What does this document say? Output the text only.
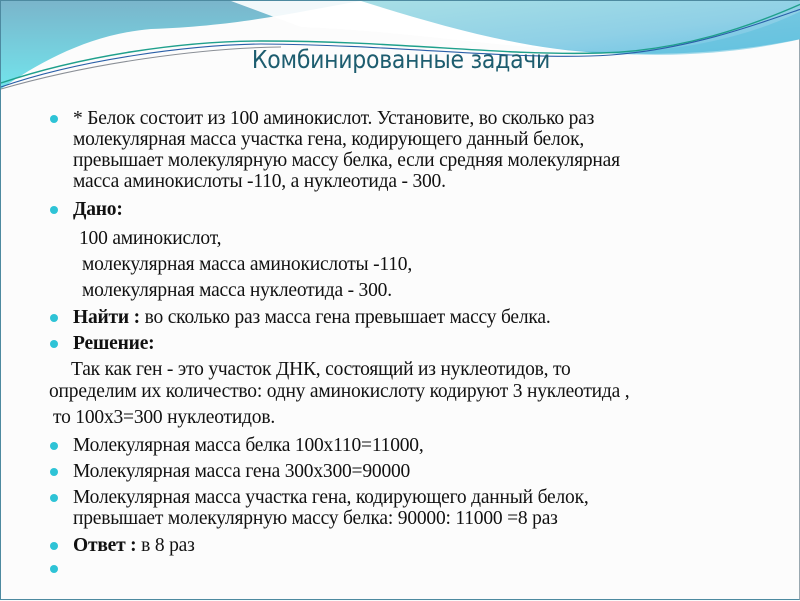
Комбинированные задачи
* Белок состоит из 100 аминокислот. Установите, во сколько раз
молекулярная масса участка гена, кодирующего данный белок,
превышает молекулярную массу белка, если средняя молекулярная
масса аминокислоты -110, а нуклеотида - 300.
Дано:
100 аминокислот,
молекулярная масса аминокислоты -110,
молекулярная масса нуклеотида - 300.
Найти : во сколько раз масса гена превышает массу белка.
Решение:
Так как ген - это участок ДНК, состоящий из нуклеотидов, то
определим их количество: одну аминокислоту кодируют 3 нуклеотида ,
то 100х3=300 нуклеотидов.
Молекулярная масса белка 100х110=11000,
Молекулярная масса гена 300х300=90000
Молекулярная масса участка гена, кодирующего данный белок,
превышает молекулярную массу белка: 90000: 11000 =8 раз
Ответ : в 8 раз
